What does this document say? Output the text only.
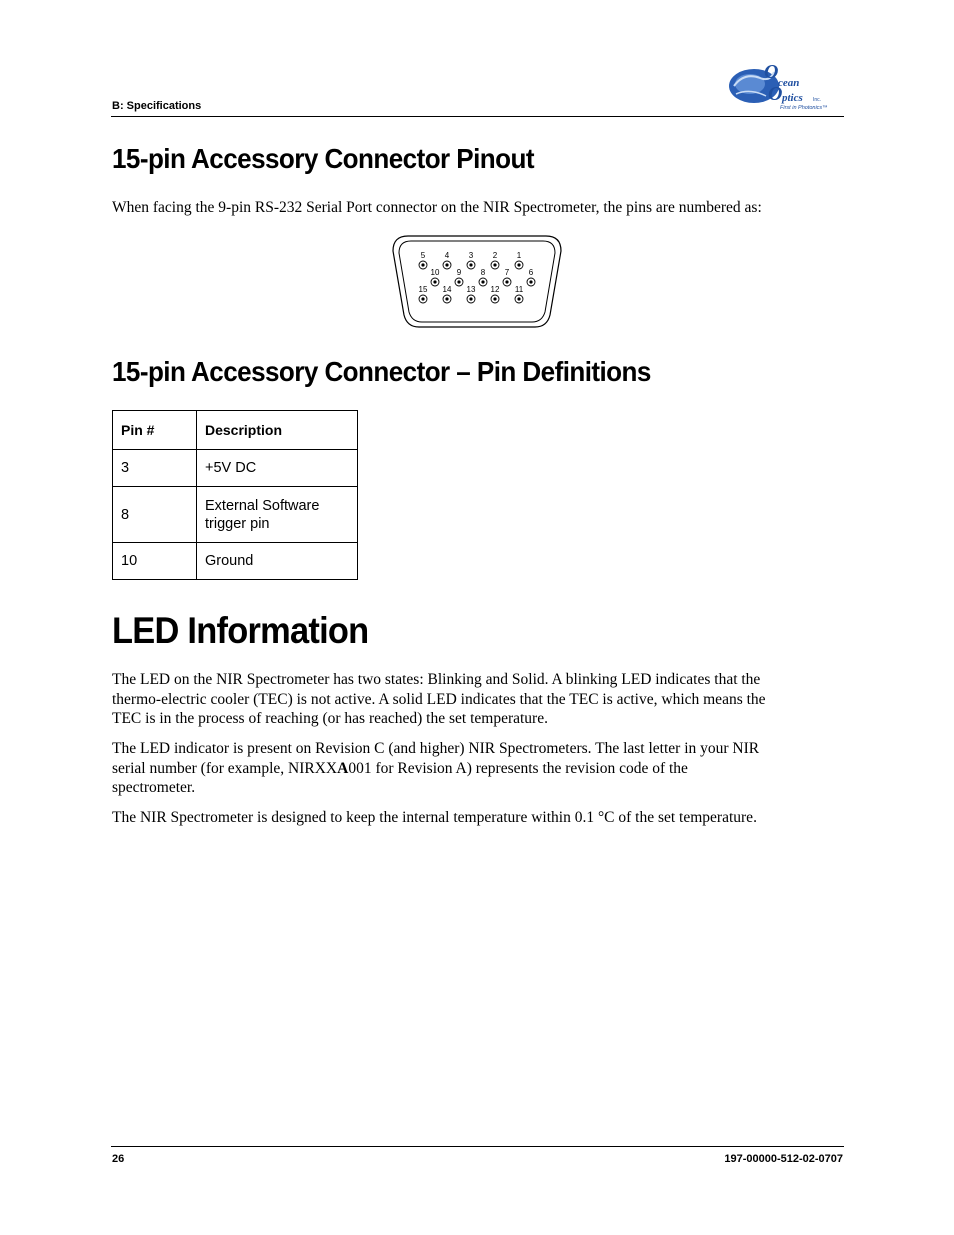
B: Specifications
O cean
O ptics Inc.
First in Photonics™
15-pin Accessory Connector Pinout
When facing the 9-pin RS-232 Serial Port connector on the NIR Spectrometer, the pins are numbered as:
5 4 3 2 1
10 9 8 7 6
15 14 13 12 11
15-pin Accessory Connector – Pin Definitions
Pin #	Description
3	+5V DC
8	External Software
trigger pin

10	Ground
LED Information
The LED on the NIR Spectrometer has two states: Blinking and Solid. A blinking LED indicates that the
thermo-electric cooler (TEC) is not active. A solid LED indicates that the TEC is active, which means the
TEC is in the process of reaching (or has reached) the set temperature.
The LED indicator is present on Revision C (and higher) NIR Spectrometers. The last letter in your NIR
serial number (for example, NIRXXA001 for Revision A) represents the revision code of the
spectrometer.
The NIR Spectrometer is designed to keep the internal temperature within 0.1 °C of the set temperature.
26	197-00000-512-02-0707
